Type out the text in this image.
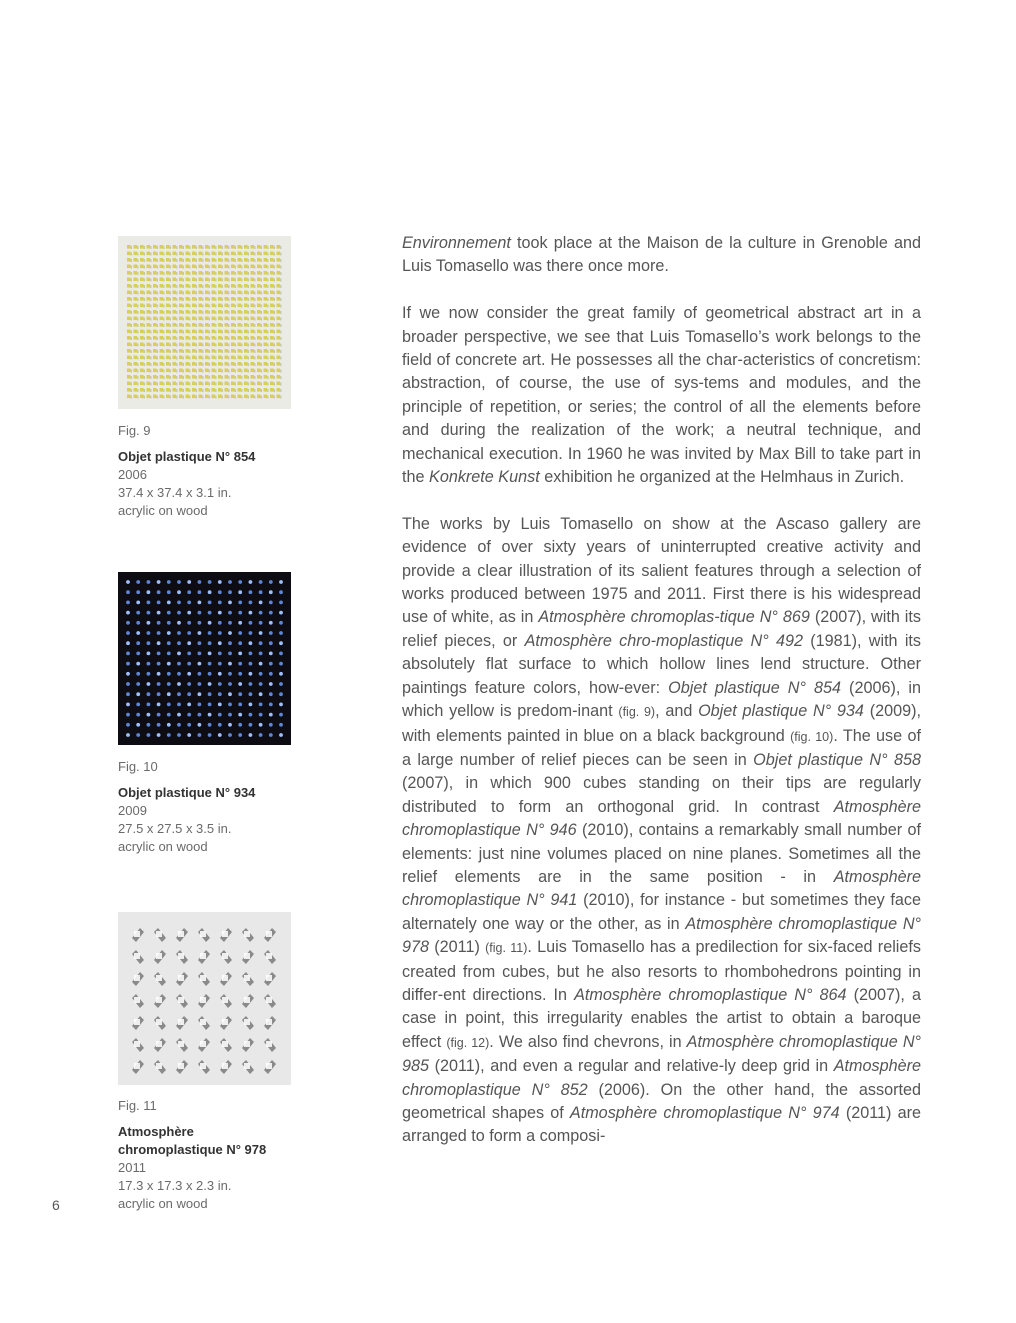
Fig. 9
Objet plastique N° 854
2006
37.4 x 37.4 x 3.1 in.
acrylic on wood
Fig. 10
Objet plastique N° 934
2009
27.5 x 27.5 x 3.5 in.
acrylic on wood
Fig. 11
Atmosphère
chromoplastique N° 978
2011
17.3 x 17.3 x 2.3 in.
acrylic on wood
6

Environnement took place at the Maison de la culture in Grenoble and Luis Tomasello was there once more.

If we now consider the great family of geometrical abstract art in a broader perspective, we see that Luis Tomasello’s work belongs to the field of concrete art. He possesses all the char-acteristics of concretism: abstraction, of course, the use of sys-tems and modules, and the principle of repetition, or series; the control of all the elements before and during the realization of the work; a neutral technique, and mechanical execution. In 1960 he was invited by Max Bill to take part in the Konkrete Kunst exhibition he organized at the Helmhaus in Zurich.

The works by Luis Tomasello on show at the Ascaso gallery are evidence of over sixty years of uninterrupted creative activity and provide a clear illustration of its salient features through a selection of works produced between 1975 and 2011. First there is his widespread use of white, as in Atmosphère chromoplas-tique N° 869 (2007), with its relief pieces, or Atmosphère chro-moplastique N° 492 (1981), with its absolutely flat surface to which hollow lines lend structure. Other paintings feature colors, how-ever: Objet plastique N° 854 (2006), in which yellow is predom-inant (fig. 9), and Objet plastique N° 934 (2009), with elements painted in blue on a black background (fig. 10). The use of a large number of relief pieces can be seen in Objet plastique N° 858 (2007), in which 900 cubes standing on their tips are regularly distributed to form an orthogonal grid. In contrast Atmosphère chromoplastique N° 946 (2010), contains a remarkably small number of elements: just nine volumes placed on nine planes. Sometimes all the relief elements are in the same position - in Atmosphère chromoplastique N° 941 (2010), for instance - but sometimes they face alternately one way or the other, as in Atmosphère chromoplastique N° 978 (2011) (fig. 11). Luis Tomasello has a predilection for six-faced reliefs created from cubes, but he also resorts to rhombohedrons pointing in differ-ent directions. In Atmosphère chromoplastique N° 864 (2007), a case in point, this irregularity enables the artist to obtain a baroque effect (fig. 12). We also find chevrons, in Atmosphère chromoplastique N° 985 (2011), and even a regular and relative-ly deep grid in Atmosphère chromoplastique N° 852 (2006). On the other hand, the assorted geometrical shapes of Atmosphère chromoplastique N° 974 (2011) are arranged to form a composi-
